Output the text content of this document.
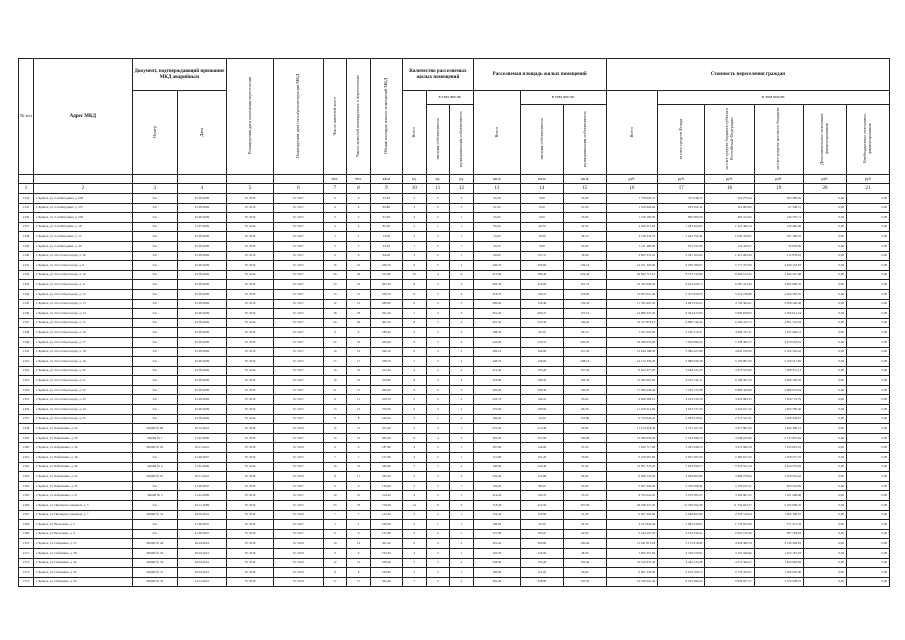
№ п/п	Адрес МКД	Документ, подтверждающий признание МКД аварийным		Планируемая дата окончания переселения	Планируемая дата сноса/реконструкции МКД	Число жителей всего	Число жителей планируемых к переселению	Общая площадь жилых помещений МКД	Количество расселяемых жилых помещений			Расселяемая площадь жилых помещений			Стоимость переселения граждан					
		Номер	Дата						Всего	в том числе		Всего	в том числе:		Всего	в том числе:				
										частная собственность	муниципальная собственность		частная собственность	муниципальная собственность		за счет средств Фонда	за счет средств бюджета субъекта Российской Федерации	за счет средств местного бюджета	Дополнительные источники финансирования	Внебюджетные источники финансирования
						чел.	чел.	кв.м	ед.	ед.	ед.	кв.м	кв.м	кв.м	руб.	руб.	руб.	руб.	руб.	руб
1	2	3	4	5	6	7	8	9	10	11	12	13	14	15	16	17	18	19	20	21
1334	г. Брянск, ул. 2-я Мичурина, д. 238	б/н	25.09.2009	IV 2016	IV 2017	9	9	45,40	2	0	2	45,40	0,00	45,40	1 778 603,41	757 048,31	516 275,04	503 280,05	0,00	0,00
1335	г. Брянск, ул. 2-я Мичурина, д. 237	б/н	25.09.2009	IV 2016	IV 2017	4	4	83,80	3	0	3	61,00	0,00	61,00	1 319 906,66	935 452,32	316 905,83	67 548,51	0,00	0,00
1336	г. Брянск, ул. 2-я Мичурина, д. 236	б/н	25.09.2009	IV 2016	IV 2017	3	3	91,90	3	2	1	45,90	0,00	45,90	1 318 190,00	896 683,59	404 312,05	136 755,71	0,00	0,00
1337	г. Брянск, ул. 2-я Мичурина, д. 18	б/н	31.07.2009	IV 2016	IV 2017	4	4	85,00	2	1	1	85,00	42,50	42,50	2 636 213,65	1 283 264,85	1 223 466,14	129 482,66	0,00	0,00
1338	г. Брянск, ул. 2-я Мичурина, д. 15	б/н	25.09.2009	IV 2016	IV 2017	5	5	53,00	3	2	1	53,00	18,90	34,10	3 138 532,70	1 944 794,44	1 006 359,91	187 368,35	0,00	0,00
1339	г. Брянск, ул. 2-я Мичурина, д. 40	б/н	25.09.2009	IV 2016	IV 2017	3	3	43,20	1	0	1	43,20	0,00	43,20	1 141 480,66	973 191,00	124 443,51	43 833,00	0,00	0,00
1340	г. Брянск, ул. 20-го Партсъезда, д. 36	б/н	25.09.2009	IV 2016	IV 2017	6	6	84,00	3	2	1	84,00	65,70	18,30	3 093 372,41	2 391 102,00	1 413 004,28	112 878,43	0,00	0,00
1341	г. Брянск, ул. 22-го Партсъезда, д. 9	б/н	25.09.2009	IV 2016	IV 2017	16	16	436,70	9	5	4	436,70	300,60	136,10	14 251 320,00	6 039 789,07	5 771 377,00	2 440 153,93	0,00	0,00
1342	г. Брянск, ул. 22-го Партсъезда, д. 10	б/н	25.09.2009	IV 2016	IV 2017	26	26	515,80	10	4	6	515,80	289,40	226,40	20 842 713,10	8 732 132,80	8 466 123,22	3 644 457,08	0,00	0,00
1343	г. Брянск, ул. 22-го Партсъезда, д. 11	б/н	25.09.2009	IV 2016	IV 2017	23	23	402,30	8	3	5	402,30	210,60	191,70	16 352 640,50	6 912 420,71	6 587 413,44	2 852 806,35	0,00	0,00
1344	г. Брянск, ул. 22-го Партсъезда, д. 12	б/н	25.09.2009	IV 2016	IV 2017	15	15	318,70	6	2	4	318,70	140,10	178,60	12 953 021,40	5 473 920,55	5 214 736,88	2 264 363,97	0,00	0,00
1345	г. Брянск, ул. 22-го Партсъезда, д. 13	б/н	25.09.2009	IV 2016	IV 2017	12	12	289,90	6	3	3	289,90	150,40	139,50	11 782 497,20	4 981 034,21	4 743 302,61	2 058 160,38	0,00	0,00
1346	г. Брянск, ул. 22-го Партсъезда, д. 14	б/н	25.09.2009	IV 2016	IV 2017	18	18	361,20	7	4	3	361,20	206,10	155,10	14 680 447,20	6 204 615,93	5 909 818,03	2 566 013,24	0,00	0,00
1347	г. Брянск, ул. 22-го Партсъезда, д. 15	б/н	25.09.2009	IV 2016	IV 2017	20	20	401,50	8	5	3	401,50	255,30	146,20	16 317 879,10	6 896 744,34	6 569 412,72	2 851 722,04	0,00	0,00
1348	г. Брянск, ул. 22-го Партсъезда, д. 16	б/н	25.09.2009	IV 2016	IV 2017	9	9	188,40	4	2	2	188,40	94,30	94,10	7 657 023,60	3 236 310,37	3 082 747,11	1 337 966,12	0,00	0,00
1349	г. Брянск, ул. 22-го Партсъезда, д. 17	б/н	25.09.2009	IV 2016	IV 2017	22	22	443,60	9	5	4	443,60	243,10	200,50	18 029 053,60	7 620 084,22	7 258 465,77	3 150 503,61	0,00	0,00
1350	г. Брянск, ул. 22-го Партсъезда, д. 18	б/н	25.09.2009	IV 2016	IV 2017	14	14	296,10	6	4	2	296,10	194,80	101,30	12 034 188,30	5 086 427,68	4 845 218,20	2 102 542,42	0,00	0,00
1351	г. Брянск, ул. 22-го Партсъезда, д. 19	б/н	25.09.2009	IV 2016	IV 2017	17	17	348,70	7	3	4	348,70	140,60	208,10	14 172 339,20	5 989 930,18	5 705 897,20	2 476 511,82	0,00	0,00
1352	г. Брянск, ул. 22-го Партсъезда, д. 20	б/н	25.09.2009	IV 2016	IV 2017	10	10	212,40	4	2	2	212,40	105,20	107,20	8 632 477,20	3 648 611,07	3 475 535,00	1 508 331,13	0,00	0,00
1353	г. Брянск, ул. 22-го Партсъезда, д. 21	б/н	25.09.2009	IV 2016	IV 2017	19	19	378,80	8	4	4	378,80	186,50	192,30	15 395 610,00	6 507 142,11	6 198 301,50	2 690 166,39	0,00	0,00
1354	г. Брянск, ул. 22-го Партсъезда, д. 22	б/н	25.09.2009	IV 2016	IV 2017	21	21	420,60	9	6	3	420,60	280,40	140,20	17 094 449,40	7 225 133,28	6 882 342,08	2 986 974,04	0,00	0,00
1355	г. Брянск, ул. 22-го Партсъезда, д. 23	б/н	25.09.2009	IV 2016	IV 2017	11	11	233,70	5	3	2	233,70	140,10	93,60	9 498 389,10	4 014 530,16	3 824 084,15	1 659 774,79	0,00	0,00
1356	г. Брянск, ул. 22-го Партсъезда, д. 24	б/н	25.09.2009	IV 2016	IV 2017	13	13	270,90	6	4	2	270,90	180,60	90,30	11 010 414,90	4 653 737,35	4 432 917,15	1 923 760,40	0,00	0,00
1357	г. Брянск, ул. 22-го Партсъезда, д. 25	б/н	25.09.2009	IV 2016	IV 2017	8	8	166,20	3	1	2	166,20	55,40	110,80	6 754 924,20	2 854 918,22	2 719 547,91	1 180 458,07	0,00	0,00
1358	г. Брянск, ул. Бабушкина, д. 24	349ДИ № 80	20.10.2016	IV 2018	IV 2019	12	12	275,20	5	4	1	275,20	215,40	59,80	11 123 418,40	4 701 167,26	4 477 861,93	1 944 389,21	0,00	0,00
1359	г. Брянск, ул. Бабушкина, д. 30	349ДИ № 1	11.02.2009	IV 2016	IV 2017	14	14	302,40	6	4	2	302,40	201,60	100,80	12 290 630,40	5 194 588,79	4 948 185,99	2 147 855,62	0,00	0,00
1360	г. Брянск, ул. Бабушкина, д. 34	349ДИ № 93	30.11.2016	IV 2018	IV 2019	9	9	187,80	4	3	1	187,80	140,60	47,20	7 632 717,00	3 225 946,72	3 072 960,18	1 333 810,10	0,00	0,00
1361	г. Брянск, ул. Бабушкина, д. 36	б/н	21.06.2007	IV 2016	IV 2017	7	7	151,80	3	2	1	151,80	101,20	50,60	6 169 681,80	2 607 587,00	2 483 817,25	1 078 277,55	0,00	0,00
1362	г. Брянск, ул. Бабушкина, д. 40	349ДИ № 4	11.02.2009	IV 2016	IV 2017	16	16	340,80	7	5	2	340,80	243,40	97,40	13 851 373,20	5 854 296,57	5 576 521,34	2 420 555,29	0,00	0,00
1363	г. Брянск, ул. Бабушкина, д. 43	349ДИ № 91	30.11.2016	IV 2018	IV 2019	11	11	236,40	5	3	2	236,40	141,80	94,60	9 608 125,20	4 060 893,84	3 868 278,94	1 678 952,42	0,00	0,00
1364	г. Брянск, ул. Бабушкина, д. 45	б/н	21.06.2007	IV 2016	IV 2017	6	6	129,60	3	2	1	129,60	86,40	43,20	5 267 426,40	2 226 268,44	2 120 615,11	920 542,85	0,00	0,00
1365	г. Брянск, ул. Бабушкина, д. 47	349ДИ № 5	11.02.2009	IV 2016	IV 2017	10	10	214,20	4	3	1	214,20	160,70	53,50	8 705 641,20	3 679 383,27	3 504 961,25	1 521 296,68	0,00	0,00
1366	г. Брянск, ул. Пионеров Северных, д. 5	б/н	22.12.2009	IV 2016	IV 2017	33	33	718,40	14	8	6	718,40	410,50	307,90	29 198 327,20	12 340 394,48	11 754 923,27	5 103 009,45	0,00	0,00
1367	г. Брянск, ул. Пионеров Северных, д. 7	349ДИ № 52	04.09.2016	IV 2018	IV 2019	7	7	154,20	3	2	1	154,20	102,80	51,40	6 267 222,60	2 648 802,89	2 523 110,04	1 095 309,67	0,00	0,00
1368	г. Брянск, ул. Волочаева, д. 2	б/н	21.06.2007	IV 2016	IV 2017	5	5	108,60	2	1	1	108,60	54,30	54,30	4 413 842,40	1 865 438,97	1 776 932,09	771 471,34	0,00	0,00
1369	г. Брянск, ул. Волочаева, д. 4	б/н	21.06.2007	IV 2016	IV 2017	6	6	127,80	3	2	1	127,80	85,20	42,60	5 194 267,20	2 195 346,31	2 091 156,26	907 764,63	0,00	0,00
1370	г. Брянск, ул. Гоберкина, д. 37	349ДИ № 28	29.04.2016	IV 2018	IV 2019	14	14	301,20	6	4	2	301,20	200,80	100,40	12 241 813,20	5 173 918,49	4 928 499,78	2 139 394,93	0,00	0,00
1371	г. Брянск, ул. Гоберкина, д. 38	349ДИ № 29	29.04.2016	IV 2018	IV 2019	9	9	193,20	4	3	1	193,20	144,90	48,30	7 852 257,60	3 318 729,91	3 161 346,66	1 372 181,03	0,00	0,00
1372	г. Брянск, ул. Гоберкина, д. 40	349ДИ № 30	29.04.2016	IV 2018	IV 2019	12	12	258,60	5	3	2	258,60	155,20	103,40	10 510 472,40	4 442 143,28	4 231 366,27	1 836 962,85	0,00	0,00
1373	г. Брянск, ул. Гоберкина, д. 43	349ДИ № 31	29.04.2016	IV 2018	IV 2019	8	8	169,80	3	2	1	169,80	113,20	56,60	6 901 243,80	2 916 760,73	2 778 433,01	1 206 050,06	0,00	0,00
1374	г. Брянск, ул. Гоберкина, д. 45	349ДИ № 32	14.12.2016	IV 2018	IV 2019	17	17	362,40	7	5	2	362,40	258,90	103,50	14 729 261,40	6 225 286,22	5 929 937,17	2 574 038,01	0,00	0,00
